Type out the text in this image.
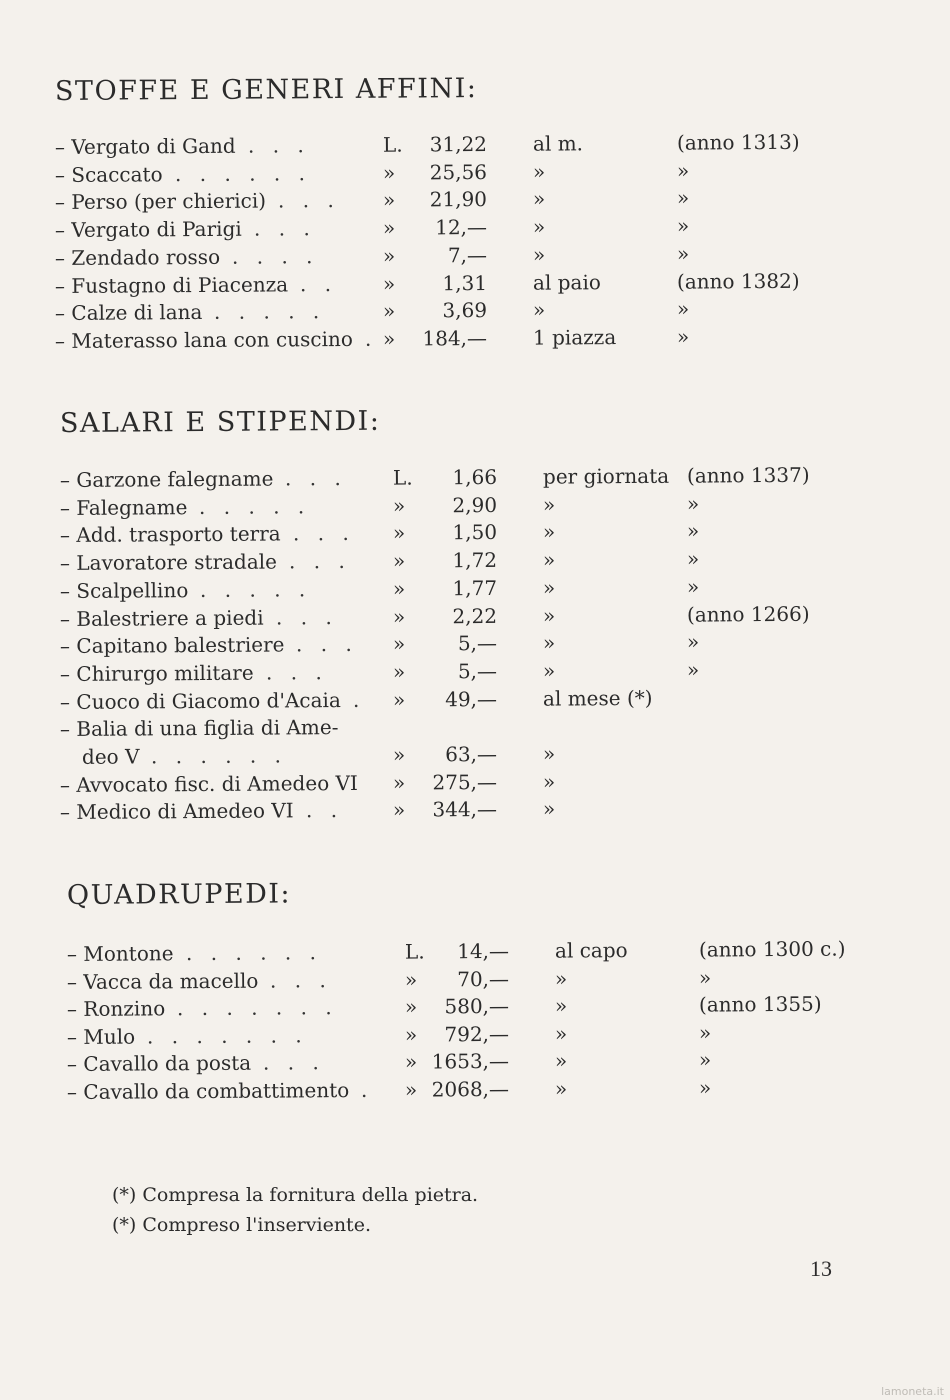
STOFFE E GENERI AFFINI:
– Vergato di Gand . . .	L.	31,22 al m.	(anno 1313)
– Scaccato . . . . . .	»	25,56 »	»
– Perso (per chierici) . . . »	21,90 »	»
– Vergato di Parigi . . .	»	12,— »	»
– Zendado rosso . . . .	»	7,— »	»
– Fustagno di Piacenza . . »	1,31 al paio	(anno 1382)
– Calze di lana . . . . .	»	3,69 »	»
– Materasso lana con cuscino . »	184,— 1 piazza	»
SALARI E STIPENDI:
– Garzone falegname . . . L.	1,66 per giornata (anno 1337)
– Falegname . . . . .	»	2,90 »	»
– Add. trasporto terra . . . »	1,50 »	»
– Lavoratore stradale . . . »	1,72 »	»
– Scalpellino . . . . .	»	1,77 »	»
– Balestriere a piedi . . .	»	2,22 »	(anno 1266)
– Capitano balestriere . . . »	5,— »	»
– Chirurgo militare . . .	»	5,— »	»
– Cuoco di Giacomo d'Acaia . »	49,— al mese (*)
– Balia di una figlia di Ame-
deo V . . . . . .	»	63,— »
– Avvocato fisc. di Amedeo VI »	275,— »
– Medico di Amedeo VI . . »	344,— »
QUADRUPEDI:
– Montone . . . . . .	L.	14,— al capo	(anno 1300 c.)
– Vacca da macello . . .	»	70,— »	»
– Ronzino . . . . . . .	»	580,— »	(anno 1355)
– Mulo . . . . . . .	»	792,— »	»
– Cavallo da posta . . .	» 1653,— »	»
– Cavallo da combattimento . » 2068,— »	»
(*) Compresa la fornitura della pietra.
(*) Compreso l'inserviente.
13
lamoneta.it
